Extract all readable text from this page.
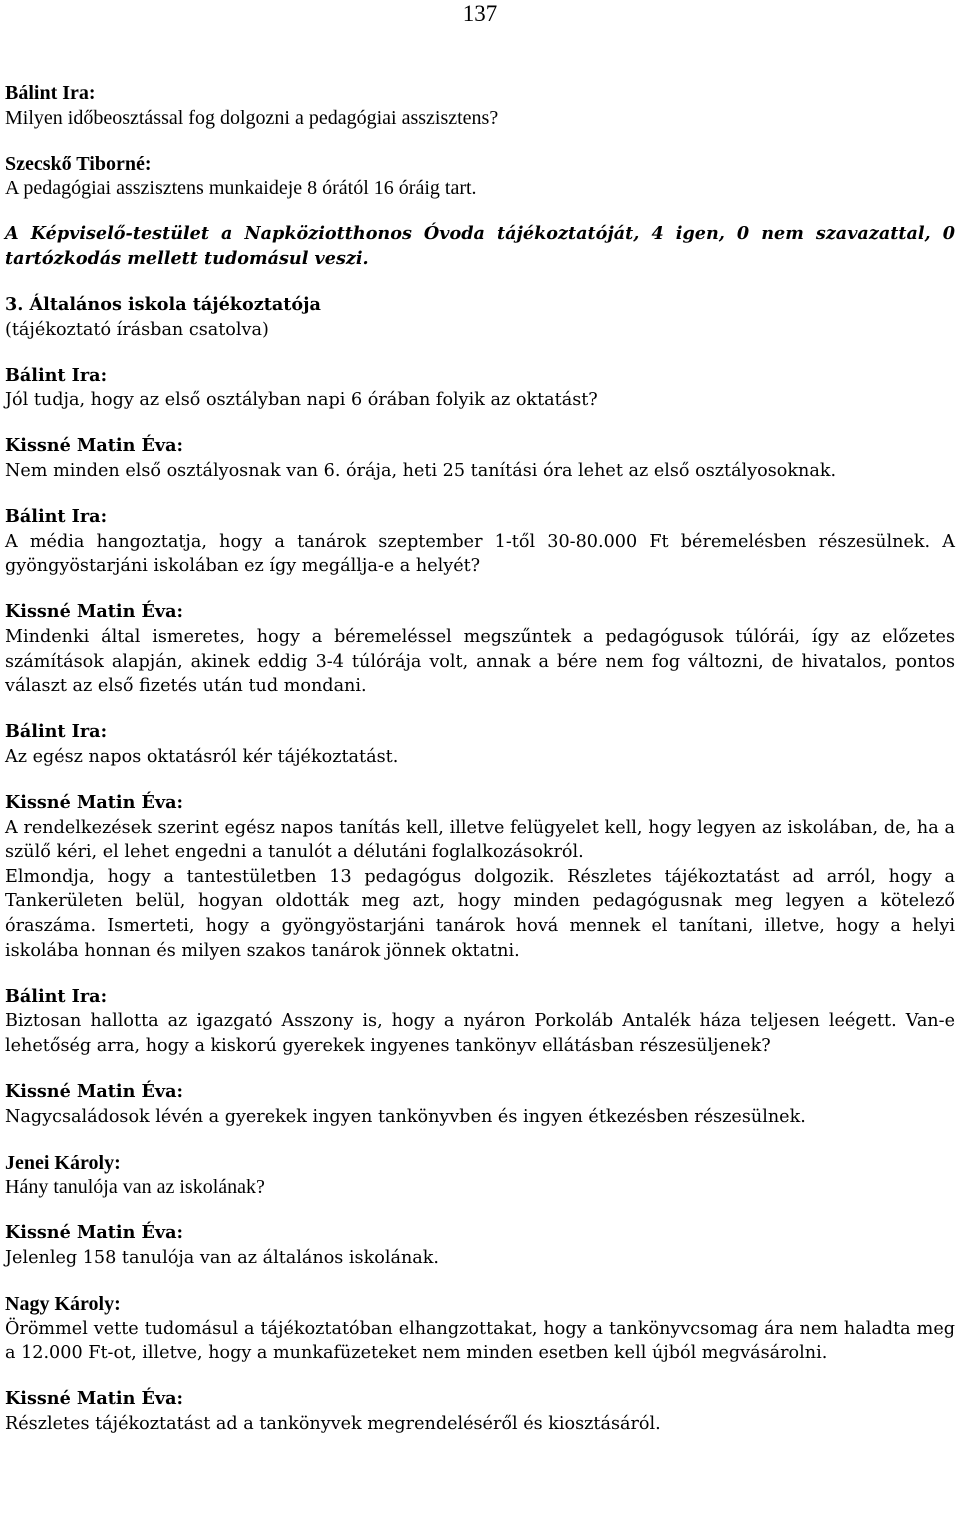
137

Bálint Ira:

Milyen időbeosztással fog dolgozni a pedagógiai asszisztens?

Szecskő Tiborné:

A pedagógiai asszisztens munkaideje 8 órától 16 óráig tart.

A Képviselő-testület a Napköziotthonos Óvoda tájékoztatóját, 4 igen, 0 nem szavazattal, 0 tartózkodás mellett tudomásul veszi.

3. Általános iskola tájékoztatója

(tájékoztató írásban csatolva)

Bálint Ira:

Jól tudja, hogy az első osztályban napi 6 órában folyik az oktatást?

Kissné Matin Éva:

Nem minden első osztályosnak van 6. órája, heti 25 tanítási óra lehet az első osztályosoknak.

Bálint Ira:

A média hangoztatja, hogy a tanárok szeptember 1-től 30-80.000 Ft béremelésben részesülnek. A gyöngyöstarjáni iskolában ez így megállja-e a helyét?

Kissné Matin Éva:

Mindenki által ismeretes, hogy a béremeléssel megszűntek a pedagógusok túlórái, így az előzetes számítások alapján, akinek eddig 3-4 túlórája volt, annak a bére nem fog változni, de hivatalos, pontos választ az első fizetés után tud mondani.

Bálint Ira:

Az egész napos oktatásról kér tájékoztatást.

Kissné Matin Éva:

A rendelkezések szerint egész napos tanítás kell, illetve felügyelet kell, hogy legyen az iskolában, de, ha a szülő kéri, el lehet engedni a tanulót a délutáni foglalkozásokról.

Elmondja, hogy a tantestületben 13 pedagógus dolgozik. Részletes tájékoztatást ad arról, hogy a Tankerületen belül, hogyan oldották meg azt, hogy minden pedagógusnak meg legyen a kötelező óraszáma. Ismerteti, hogy a gyöngyöstarjáni tanárok hová mennek el tanítani, illetve, hogy a helyi iskolába honnan és milyen szakos tanárok jönnek oktatni.

Bálint Ira:

Biztosan hallotta az igazgató Asszony is, hogy a nyáron Porkoláb Antalék háza teljesen leégett. Van-e lehetőség arra, hogy a kiskorú gyerekek ingyenes tankönyv ellátásban részesüljenek?

Kissné Matin Éva:

Nagycsaládosok lévén a gyerekek ingyen tankönyvben és ingyen étkezésben részesülnek.

Jenei Károly:

Hány tanulója van az iskolának?

Kissné Matin Éva:

Jelenleg 158 tanulója van az általános iskolának.

Nagy Károly:

Örömmel vette tudomásul a tájékoztatóban elhangzottakat, hogy a tankönyvcsomag ára nem haladta meg a 12.000 Ft-ot, illetve, hogy a munkafüzeteket nem minden esetben kell újból megvásárolni.

Kissné Matin Éva:

Részletes tájékoztatást ad a tankönyvek megrendeléséről és kiosztásáról.
